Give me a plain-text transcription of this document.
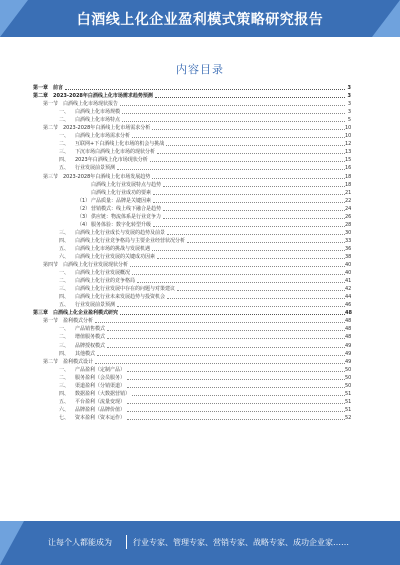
白酒线上化企业盈利模式策略研究报告
内容目录
第一章 前言	3
第二章 2023-2028年白酒线上化市场需求趋势预测	3
第一节 白酒线上化市场现状报告	3
一、 白酒线上化市场规模	3
二、 白酒线上化市场特点	5
第二节 2023-2028年白酒线上化市场需求分析	10
一、 白酒线上化市场需求分析	10
二、 互联网+下白酒线上化市场的机会与挑战	12
三、 下沉市场白酒线上化市场的现状分析	13
四、 2023年白酒线上化市场现状分析	15
五、 行业发展前景预测	16
第三节 2023-2028年白酒线上化市场发展趋势	18
白酒线上化行业发展特点与趋势	18
白酒线上化行业成功的要素	21
（1） 产品质量：品牌是关键因素	22
（2） 营销模式：线上线下融合是趋势	24
（3） 供应链：物流体系是行业竞争力	26
（4） 服务体验：数字化转型升级	28
三、 白酒线上化行业成长与发展的趋势及前景	30
四、 白酒线上化行业竞争格局与主要企业经营状况分析	33
五、 白酒线上化市场的挑战与发展机遇	36
六、 白酒线上化行业发展的关键成功因素	38
第四节 白酒线上化行业发展现状分析	40
一、 白酒线上化行业发展概况	40
二、 白酒线上化行业的竞争格局	41
三、 白酒线上化行业发展中存在的问题与对策建议	42
四、 白酒线上化行业未来发展趋势与投资机会	44
五、 行业发展前景预测	46
第三章 白酒线上化企业盈利模式研究	48
第一节 盈利模式分析	48
一、 产品销售模式	48
二、 增值服务模式	48
三、 品牌授权模式	49
四、 其他模式	49
第二节 盈利模式设计	49
一、 产品盈利（定制产品）	50
二、 服务盈利（会员服务）	50
三、 渠道盈利（分销渠道）	50
四、 数据盈利（大数据营销）	51
五、 平台盈利（流量变现）	51
六、 品牌盈利（品牌价值）	51
七、 资本盈利（资本运作）	52
让每个人都能成为	行业专家、管理专家、营销专家、战略专家、成功企业家……
